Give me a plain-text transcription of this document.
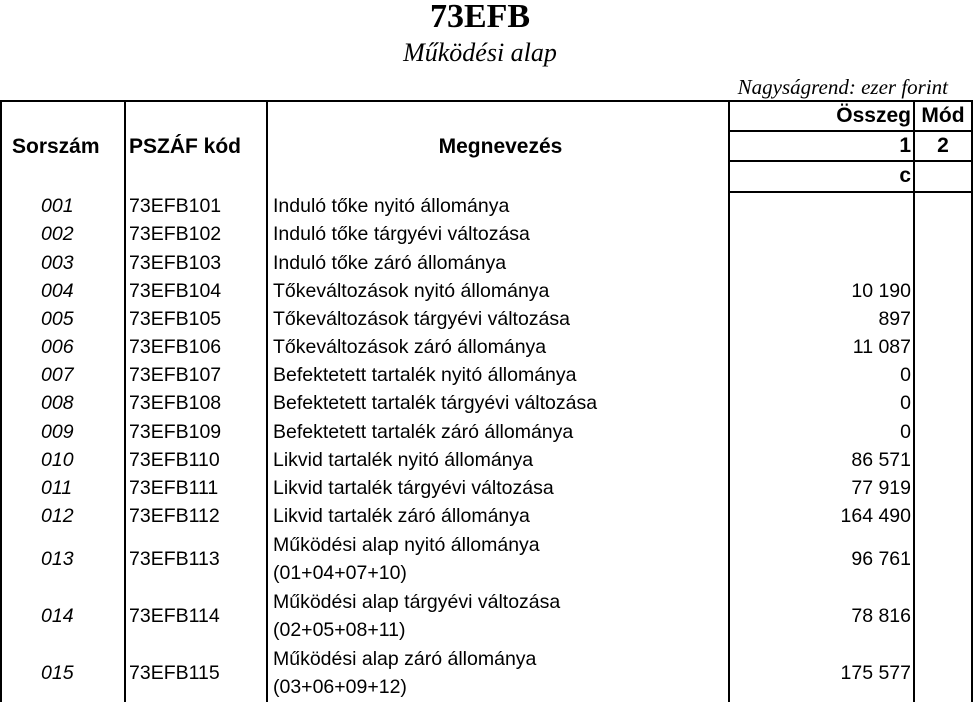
73EFB
Működési alap
Nagyságrend: ezer forint
Sorszám	PSZÁF kód	Megnevezés	Összeg	Mód
			1	2
			c	
001	73EFB101	Induló tőke nyitó állománya		

002	73EFB102	Induló tőke tárgyévi változása		

003	73EFB103	Induló tőke záró állománya		

004	73EFB104	Tőkeváltozások nyitó állománya	10 190	
005	73EFB105	Tőkeváltozások tárgyévi változása	897	
006	73EFB106	Tőkeváltozások záró állománya	11 087	
007	73EFB107	Befektetett tartalék nyitó állománya	0	
008	73EFB108	Befektetett tartalék tárgyévi változása	0	
009	73EFB109	Befektetett tartalék záró állománya	0	
010	73EFB110	Likvid tartalék nyitó állománya	86 571	
011	73EFB111	Likvid tartalék tárgyévi változása	77 919	
012	73EFB112	Likvid tartalék záró állománya	164 490	
013	73EFB113	Működési alap nyitó állománya
(01+04+07+10)	96 761	
014	73EFB114	Működési alap tárgyévi változása
(02+05+08+11)	78 816	
015	73EFB115	Működési alap záró állománya
(03+06+09+12)	175 577	
